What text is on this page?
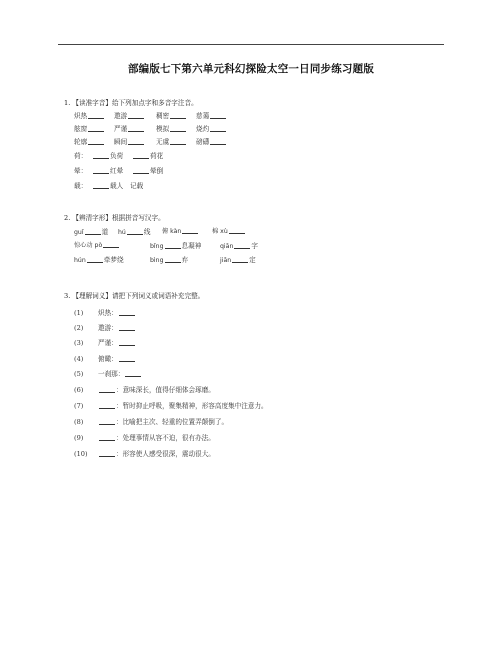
部编版七下第六单元科幻探险太空一日同步练习题版
1. 【读准字音】给下列加点字和多音字注音。
炽热	遨游	稠密	慈蔼
舷窗	严谨	模拟	烧灼
轮廓	瞬间	无虞	磅礴
荷：	负荷	荷花
晕：	红晕	晕倒
载：	载人 记载
2. 【辨清字形】根据拼音写汉字。
guǐ	道 hú	线 俯 kàn	棉 xù
惊心动 pò	bǐng	息凝神	qiān	字
hún	牵梦绕	bìng	弃	jiān	定
3. 【理解词义】请把下列词义或词语补充完整。
(1) 炽热：
(2) 遨游：
(3) 严谨：
(4) 俯瞰：
(5) 一刹那：
(6)	：意味深长，值得仔细体会琢磨。
(7)	：暂时抑止呼吸，聚集精神，形容高度集中注意力。
(8)	：比喻把主次、轻重的位置弄颠倒了。
(9)	：处理事情从容不迫，很有办法。
(10)	：形容使人感受很深，震动很大。
